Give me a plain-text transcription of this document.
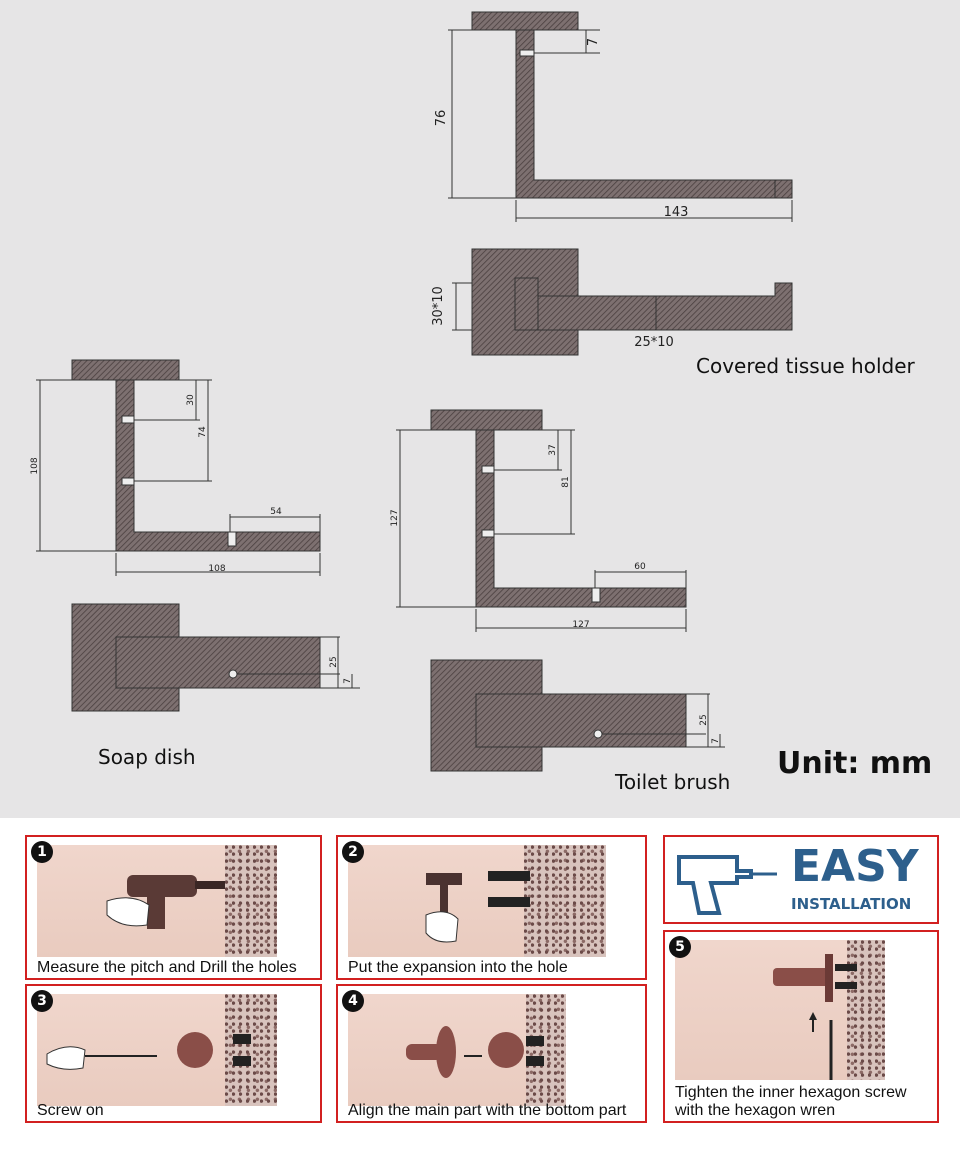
76
7
143
30*10
25*10
108
30
74
54
108
25
7
127
37
81
60
127
25
7
Covered tissue holder
Soap dish
Toilet brush
Unit: mm
1
Measure the pitch and Drill the holes
2
Put the expansion into the hole
EASY
INSTALLATION
3
Screw on
4
Align the main part with the bottom part
5
Tighten the inner hexagon screw with the hexagon wren
